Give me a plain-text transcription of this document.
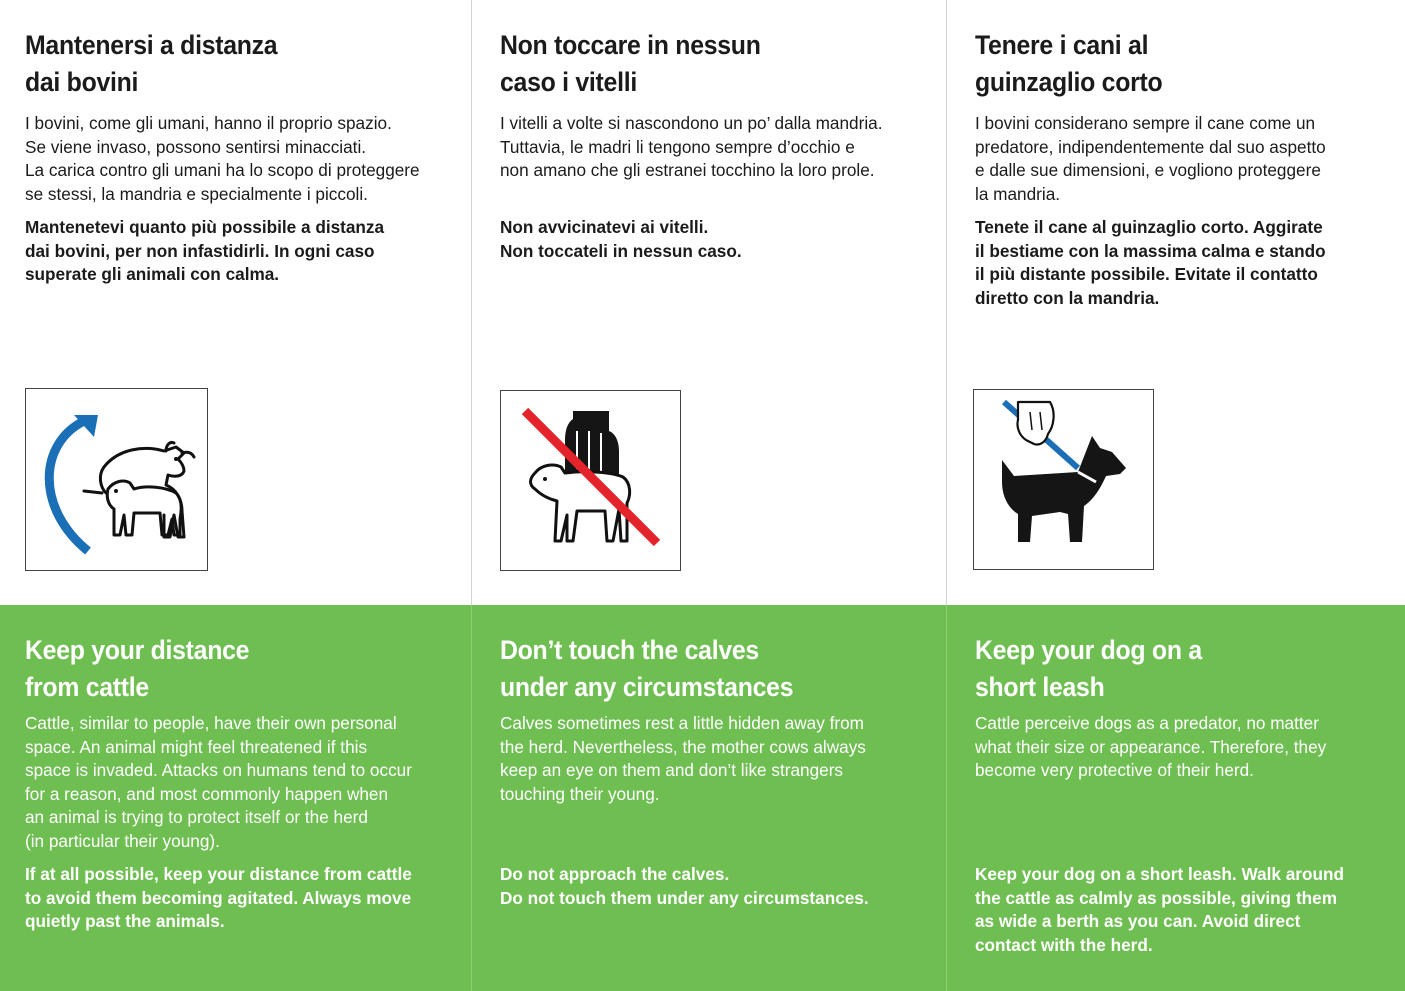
Mantenersi a distanza
dai bovini

I bovini, come gli umani, hanno il proprio spazio.
Se viene invaso, possono sentirsi minacciati.
La carica contro gli umani ha lo scopo di proteggere
se stessi, la mandria e specialmente i piccoli.

Mantenetevi quanto più possibile a distanza
dai bovini, per non infastidirli. In ogni caso
superate gli animali con calma.

Non toccare in nessun
caso i vitelli

I vitelli a volte si nascondono un po’ dalla mandria.
Tuttavia, le madri li tengono sempre d’occhio e
non amano che gli estranei tocchino la loro prole.

Non avvicinatevi ai vitelli.
Non toccateli in nessun caso.

Tenere i cani al
guinzaglio corto

I bovini considerano sempre il cane come un
predatore, indipendentemente dal suo aspetto
e dalle sue dimensioni, e vogliono proteggere
la mandria.

Tenete il cane al guinzaglio corto. Aggirate
il bestiame con la massima calma e stando
il più distante possibile. Evitate il contatto
diretto con la mandria.

Keep your distance
from cattle

Cattle, similar to people, have their own personal
space. An animal might feel threatened if this
space is invaded. Attacks on humans tend to occur
for a reason, and most commonly happen when
an animal is trying to protect itself or the herd
(in particular their young).

If at all possible, keep your distance from cattle
to avoid them becoming agitated. Always move
quietly past the animals.

Don’t touch the calves
under any circumstances

Calves sometimes rest a little hidden away from
the herd. Nevertheless, the mother cows always
keep an eye on them and don’t like strangers
touching their young.

Do not approach the calves.
Do not touch them under any circumstances.

Keep your dog on a
short leash

Cattle perceive dogs as a predator, no matter
what their size or appearance. Therefore, they
become very protective of their herd.

Keep your dog on a short leash. Walk around
the cattle as calmly as possible, giving them
as wide a berth as you can. Avoid direct
contact with the herd.
